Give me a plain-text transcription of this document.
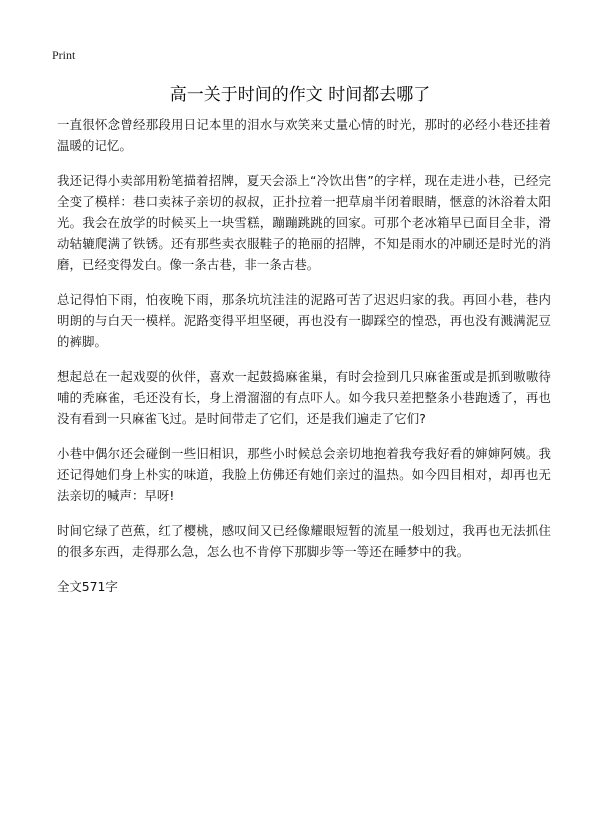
Print
高一关于时间的作文 时间都去哪了

一直很怀念曾经那段用日记本里的泪水与欢笑来丈量心情的时光，那时的必经小巷还挂着温暖的记忆。

我还记得小卖部用粉笔描着招牌，夏天会添上“冷饮出售”的字样，现在走进小巷，已经完全变了模样：巷口卖袜子亲切的叔叔，正扑拉着一把草扇半闭着眼睛，惬意的沐浴着太阳光。我会在放学的时候买上一块雪糕，蹦蹦跳跳的回家。可那个老冰箱早已面目全非，滑动轱辘爬满了铁锈。还有那些卖衣服鞋子的艳丽的招牌，不知是雨水的冲刷还是时光的消磨，已经变得发白。像一条古巷，非一条古巷。

总记得怕下雨，怕夜晚下雨，那条坑坑洼洼的泥路可苦了迟迟归家的我。再回小巷，巷内明朗的与白天一模样。泥路变得平坦坚硬，再也没有一脚踩空的惶恐，再也没有溅满泥豆的裤脚。

想起总在一起戏耍的伙伴，喜欢一起鼓捣麻雀巢，有时会捡到几只麻雀蛋或是抓到嗷嗷待哺的秃麻雀，毛还没有长，身上滑溜溜的有点吓人。如今我只差把整条小巷跑透了，再也没有看到一只麻雀飞过。是时间带走了它们，还是我们遍走了它们?

小巷中偶尔还会碰倒一些旧相识，那些小时候总会亲切地抱着我夸我好看的婶婶阿姨。我还记得她们身上朴实的味道，我脸上仿佛还有她们亲过的温热。如今四目相对，却再也无法亲切的喊声：早呀!

时间它绿了芭蕉，红了樱桃，感叹间又已经像耀眼短暂的流星一般划过，我再也无法抓住的很多东西，走得那么急，怎么也不肯停下那脚步等一等还在睡梦中的我。

全文571字
